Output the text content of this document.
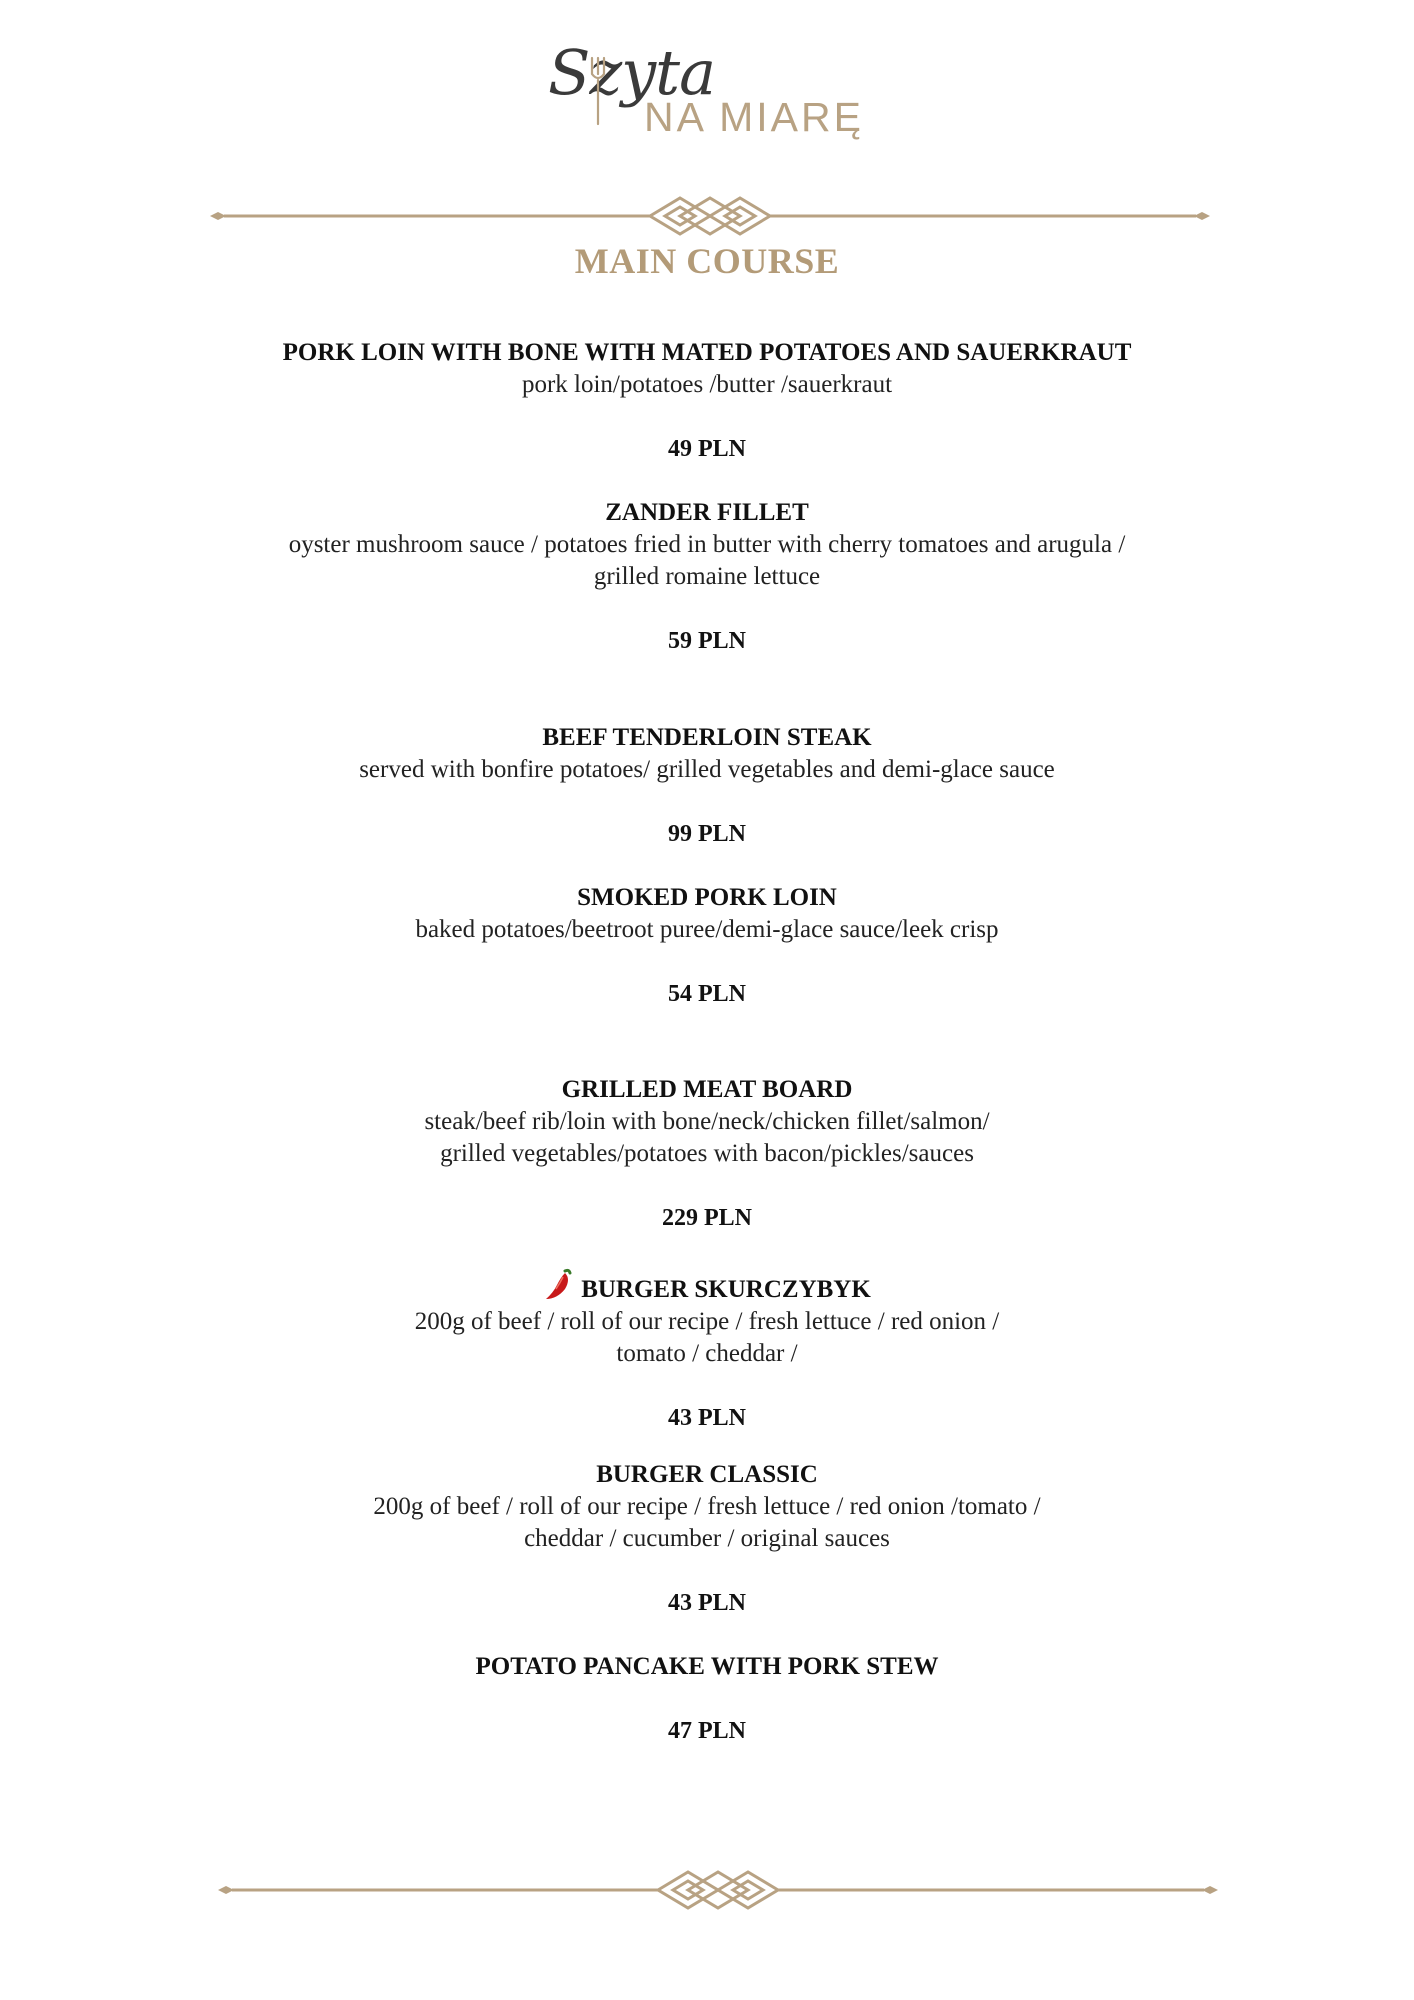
Szyta
NA MIARĘ
MAIN COURSE
PORK LOIN WITH BONE WITH MATED POTATOES AND SAUERKRAUT
pork loin/potatoes /butter /sauerkraut
49 PLN
ZANDER FILLET
oyster mushroom sauce / potatoes fried in butter with cherry tomatoes and arugula /
grilled romaine lettuce
59 PLN
BEEF TENDERLOIN STEAK
served with bonfire potatoes/ grilled vegetables and demi-glace sauce
99 PLN
SMOKED PORK LOIN
baked potatoes/beetroot puree/demi-glace sauce/leek crisp
54 PLN
GRILLED MEAT BOARD
steak/beef rib/loin with bone/neck/chicken fillet/salmon/
grilled vegetables/potatoes with bacon/pickles/sauces
229 PLN
BURGER SKURCZYBYK
200g of beef / roll of our recipe / fresh lettuce / red onion /
tomato / cheddar /
43 PLN
BURGER CLASSIC
200g of beef / roll of our recipe / fresh lettuce / red onion /tomato /
cheddar / cucumber / original sauces
43 PLN
POTATO PANCAKE WITH PORK STEW
47 PLN
